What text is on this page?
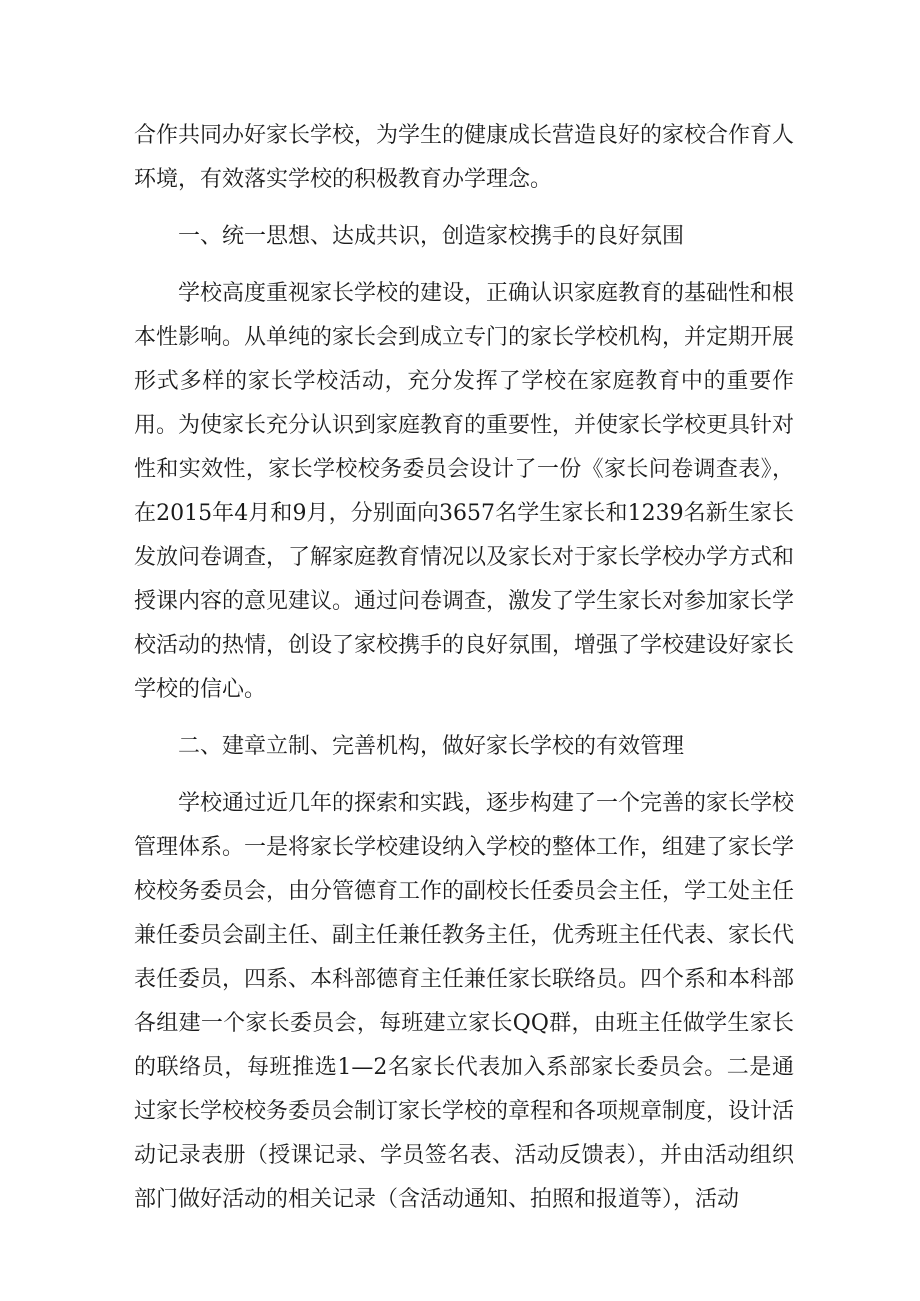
合作共同办好家长学校，为学生的健康成长营造良好的家校合作育人环境，有效落实学校的积极教育办学理念。

一、统一思想、达成共识，创造家校携手的良好氛围

学校高度重视家长学校的建设，正确认识家庭教育的基础性和根本性影响。从单纯的家长会到成立专门的家长学校机构，并定期开展形式多样的家长学校活动，充分发挥了学校在家庭教育中的重要作用。为使家长充分认识到家庭教育的重要性，并使家长学校更具针对性和实效性，家长学校校务委员会设计了一份《家长问卷调查表》，在2015年4月和9月，分别面向3657名学生家长和1239名新生家长发放问卷调查，了解家庭教育情况以及家长对于家长学校办学方式和授课内容的意见建议。通过问卷调查，激发了学生家长对参加家长学校活动的热情，创设了家校携手的良好氛围，增强了学校建设好家长学校的信心。

二、建章立制、完善机构，做好家长学校的有效管理

学校通过近几年的探索和实践，逐步构建了一个完善的家长学校管理体系。一是将家长学校建设纳入学校的整体工作，组建了家长学校校务委员会，由分管德育工作的副校长任委员会主任，学工处主任兼任委员会副主任、副主任兼任教务主任，优秀班主任代表、家长代表任委员，四系、本科部德育主任兼任家长联络员。四个系和本科部各组建一个家长委员会，每班建立家长QQ群，由班主任做学生家长的联络员，每班推选1—2名家长代表加入系部家长委员会。二是通过家长学校校务委员会制订家长学校的章程和各项规章制度，设计活动记录表册（授课记录、学员签名表、活动反馈表），并由活动组织部门做好活动的相关记录（含活动通知、拍照和报道等），活动
